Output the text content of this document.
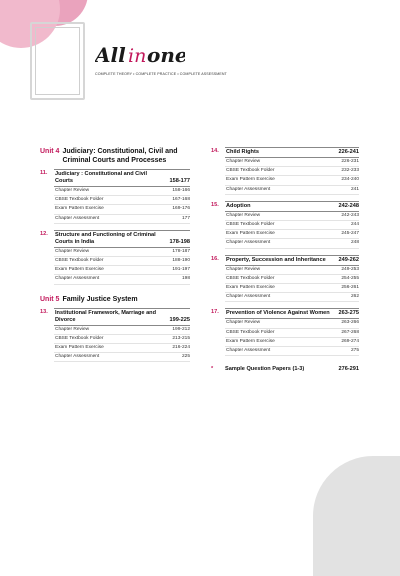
All in one
COMPLETE THEORY • COMPLETE PRACTICE • COMPLETE ASSESSMENT
Unit 4 Judiciary: Constitutional, Civil and Criminal Courts and Processes
11.	Judiciary : Constitutional and Civil Courts	158-177
Chapter Review	158-166
CBSE Textbook Folder	167-168
Exam Pattern Exercise	169-176
Chapter Assessment	177
12.	Structure and Functioning of Criminal Courts in India	178-198
Chapter Review	178-187
CBSE Textbook Folder	188-190
Exam Pattern Exercise	191-197
Chapter Assessment	198
Unit 5 Family Justice System
13.	Institutional Framework, Marriage and Divorce	199-225
Chapter Review	199-212
CBSE Textbook Folder	213-215
Exam Pattern Exercise	216-224
Chapter Assessment	225
14.	Child Rights	226-241
Chapter Review	226-231
CBSE Textbook Folder	232-233
Exam Pattern Exercise	234-240
Chapter Assessment	241
15.	Adoption	242-248
Chapter Review	242-243
CBSE Textbook Folder	244
Exam Pattern Exercise	245-247
Chapter Assessment	248
16.	Property, Succession and Inheritance 249-262
Chapter Review	249-253
CBSE Textbook Folder	254-255
Exam Pattern Exercise	256-261
Chapter Assessment	262
17.	Prevention of Violence Against Women 263-275
Chapter Review	263-266
CBSE Textbook Folder	267-268
Exam Pattern Exercise	269-274
Chapter Assessment	275
*	Sample Question Papers (1-3)	276-291
